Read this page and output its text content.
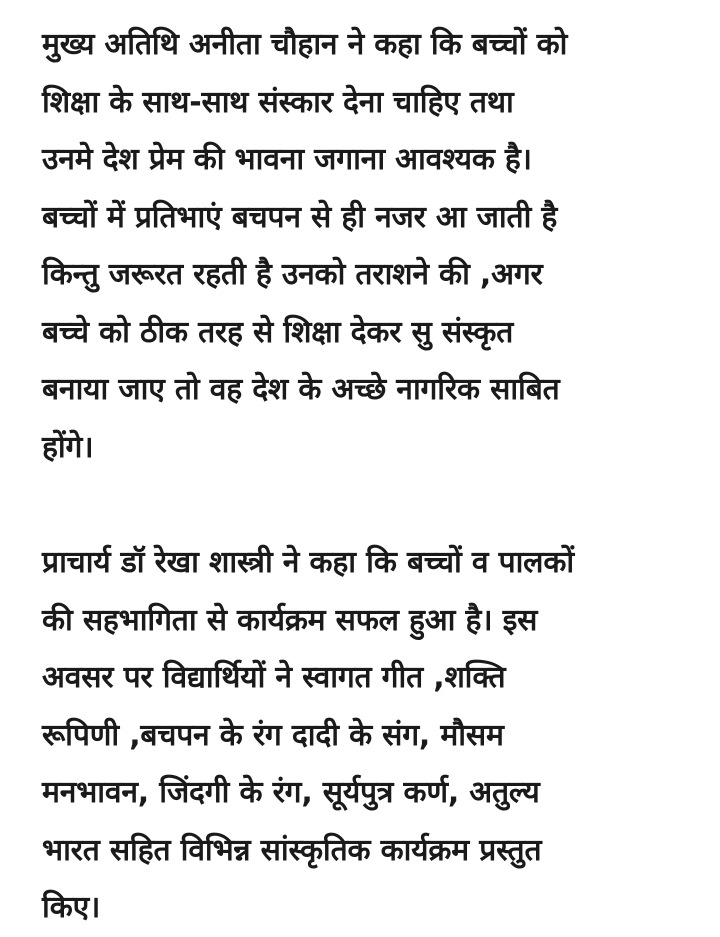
मुख्य अतिथि अनीता चौहान ने कहा कि बच्चों को
शिक्षा के साथ-साथ संस्कार देना चाहिए तथा
उनमे देश प्रेम की भावना जगाना आवश्यक है।
बच्चों में प्रतिभाएं बचपन से ही नजर आ जाती है
किन्तु जरूरत रहती है उनको तराशने की ,अगर
बच्चे को ठीक तरह से शिक्षा देकर सु संस्कृत
बनाया जाए तो वह देश के अच्छे नागरिक साबित
होंगे।
प्राचार्य डॉ रेखा शास्त्री ने कहा कि बच्चों व पालकों
की सहभागिता से कार्यक्रम सफल हुआ है। इस
अवसर पर विद्यार्थियों ने स्वागत गीत ,शक्ति
रूपिणी ,बचपन के रंग दादी के संग, मौसम
मनभावन, जिंदगी के रंग, सूर्यपुत्र कर्ण, अतुल्य
भारत सहित विभिन्न सांस्कृतिक कार्यक्रम प्रस्तुत
किए।
